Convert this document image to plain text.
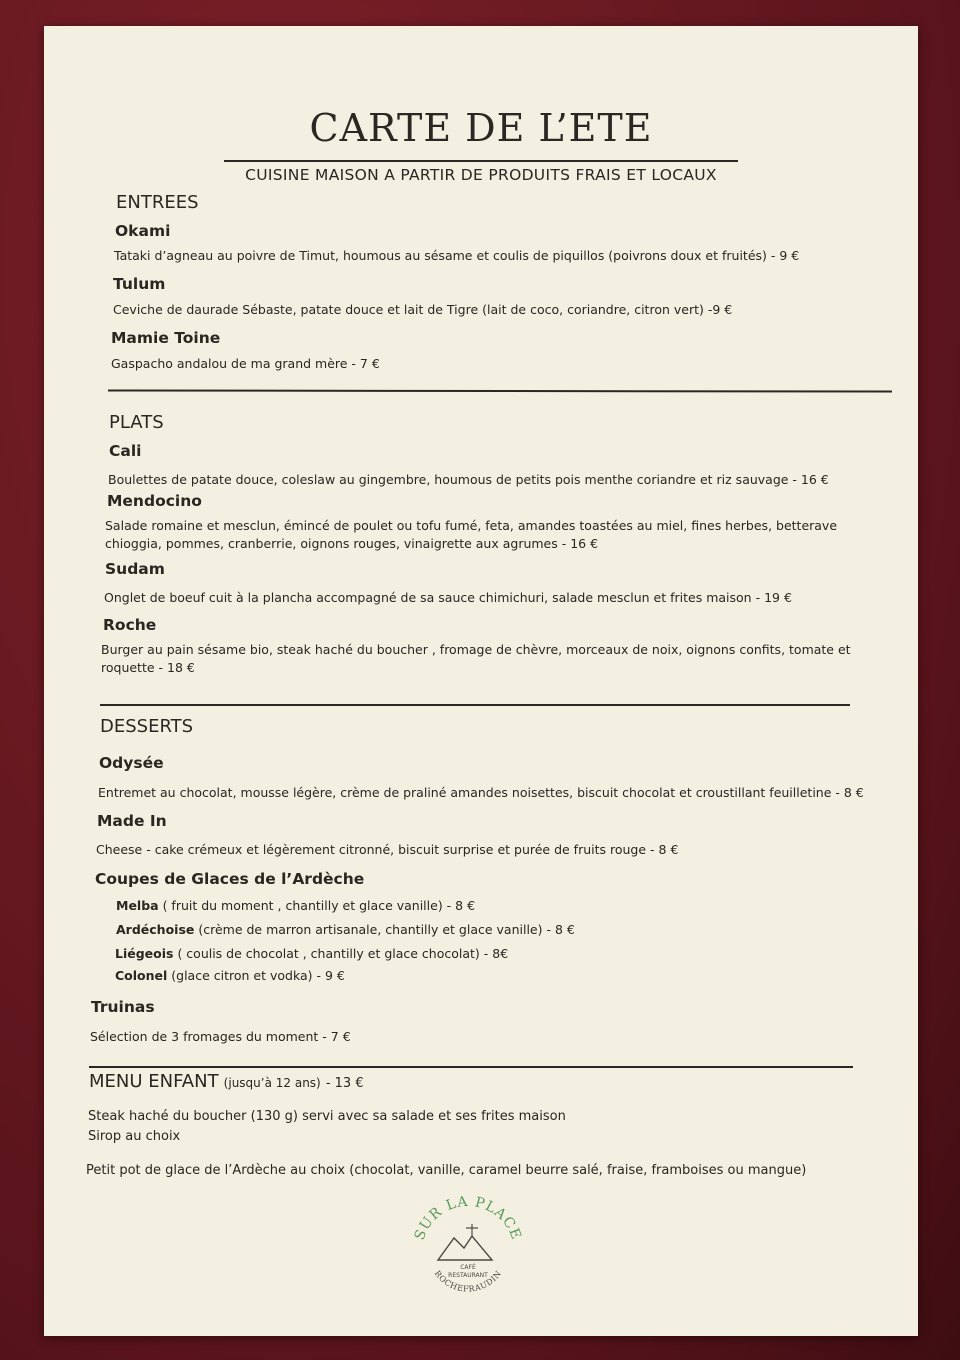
CARTE DE L’ETE
CUISINE MAISON A PARTIR DE PRODUITS FRAIS ET LOCAUX
ENTREES
Okami
Tataki d’agneau au poivre de Timut, houmous au sésame et coulis de piquillos (poivrons doux et fruités) - 9 €
Tulum
Ceviche de daurade Sébaste, patate douce et lait de Tigre (lait de coco, coriandre, citron vert) -9 €
Mamie Toine
Gaspacho andalou de ma grand mère - 7 €
PLATS
Cali
Boulettes de patate douce, coleslaw au gingembre, houmous de petits pois menthe coriandre et riz sauvage - 16 €
Mendocino
Salade romaine et mesclun, émincé de poulet ou tofu fumé, feta, amandes toastées au miel, fines herbes, betterave chioggia, pommes, cranberrie, oignons rouges, vinaigrette aux agrumes - 16 €
Sudam
Onglet de boeuf cuit à la plancha accompagné de sa sauce chimichuri, salade mesclun et frites maison - 19 €
Roche
Burger au pain sésame bio, steak haché du boucher , fromage de chèvre, morceaux de noix, oignons confits, tomate et roquette - 18 €
DESSERTS
Odysée
Entremet au chocolat, mousse légère, crème de praliné amandes noisettes, biscuit chocolat et croustillant feuilletine - 8 €
Made In
Cheese - cake crémeux et légèrement citronné, biscuit surprise et purée de fruits rouge - 8 €
Coupes de Glaces de l’Ardèche
Melba ( fruit du moment , chantilly et glace vanille) - 8 €
Ardéchoise (crème de marron artisanale, chantilly et glace vanille) - 8 €
Liégeois ( coulis de chocolat , chantilly et glace chocolat) - 8€
Colonel (glace citron et vodka) - 9 €
Truinas
Sélection de 3 fromages du moment - 7 €
MENU ENFANT (jusqu’à 12 ans) - 13 €
Steak haché du boucher (130 g) servi avec sa salade et ses frites maison
Sirop au choix
Petit pot de glace de l’Ardèche au choix (chocolat, vanille, caramel beurre salé, fraise, framboises ou mangue)
SUR LA PLACE
CAFÉ
RESTAURANT
ROCHEFRAUDIN
